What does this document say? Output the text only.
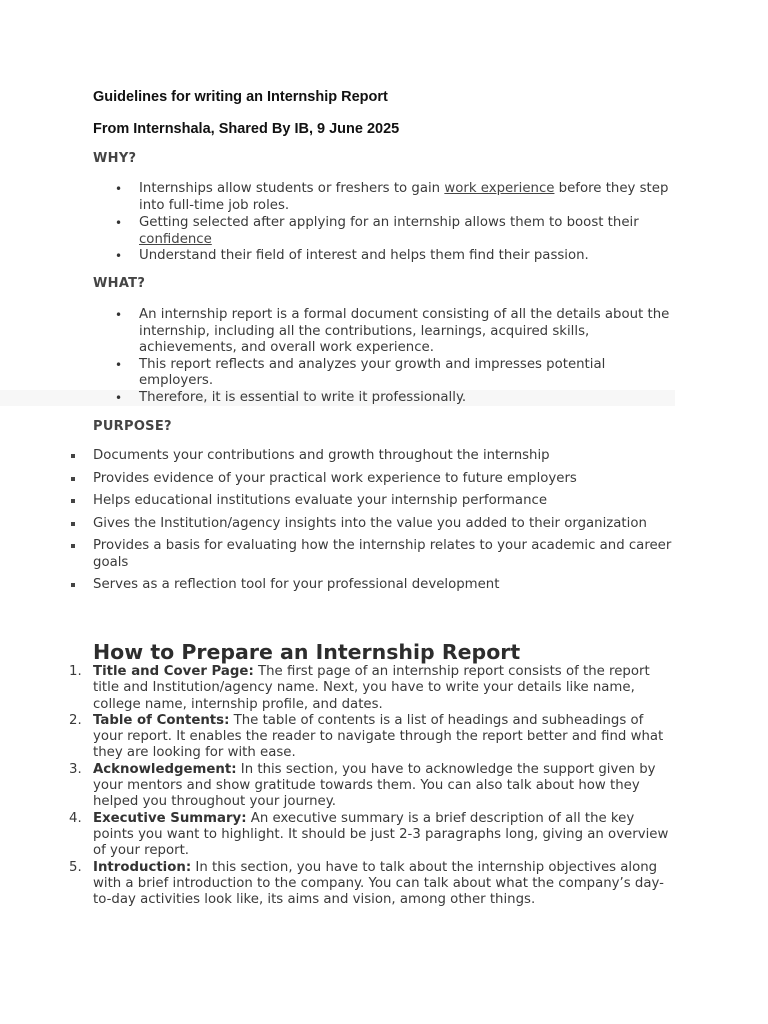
Guidelines for writing an Internship Report
From Internshala, Shared By IB, 9 June 2025
WHY?
• Internships allow students or freshers to gain work experience before they step into full-time job roles.
• Getting selected after applying for an internship allows them to boost their confidence
• Understand their field of interest and helps them find their passion.
WHAT?
• An internship report is a formal document consisting of all the details about the internship, including all the contributions, learnings, acquired skills, achievements, and overall work experience.
• This report reflects and analyzes your growth and impresses potential employers.
• Therefore, it is essential to write it professionally.
PURPOSE?
Documents your contributions and growth throughout the internship
Provides evidence of your practical work experience to future employers
Helps educational institutions evaluate your internship performance
Gives the Institution/agency insights into the value you added to their organization
Provides a basis for evaluating how the internship relates to your academic and career goals
Serves as a reflection tool for your professional development
How to Prepare an Internship Report
1. Title and Cover Page: The first page of an internship report consists of the report title and Institution/agency name. Next, you have to write your details like name, college name, internship profile, and dates.
2. Table of Contents: The table of contents is a list of headings and subheadings of your report. It enables the reader to navigate through the report better and find what they are looking for with ease.
3. Acknowledgement: In this section, you have to acknowledge the support given by your mentors and show gratitude towards them. You can also talk about how they helped you throughout your journey.
4. Executive Summary: An executive summary is a brief description of all the key points you want to highlight. It should be just 2-3 paragraphs long, giving an overview of your report.
5. Introduction: In this section, you have to talk about the internship objectives along with a brief introduction to the company. You can talk about what the company’s day-to-day activities look like, its aims and vision, among other things.
